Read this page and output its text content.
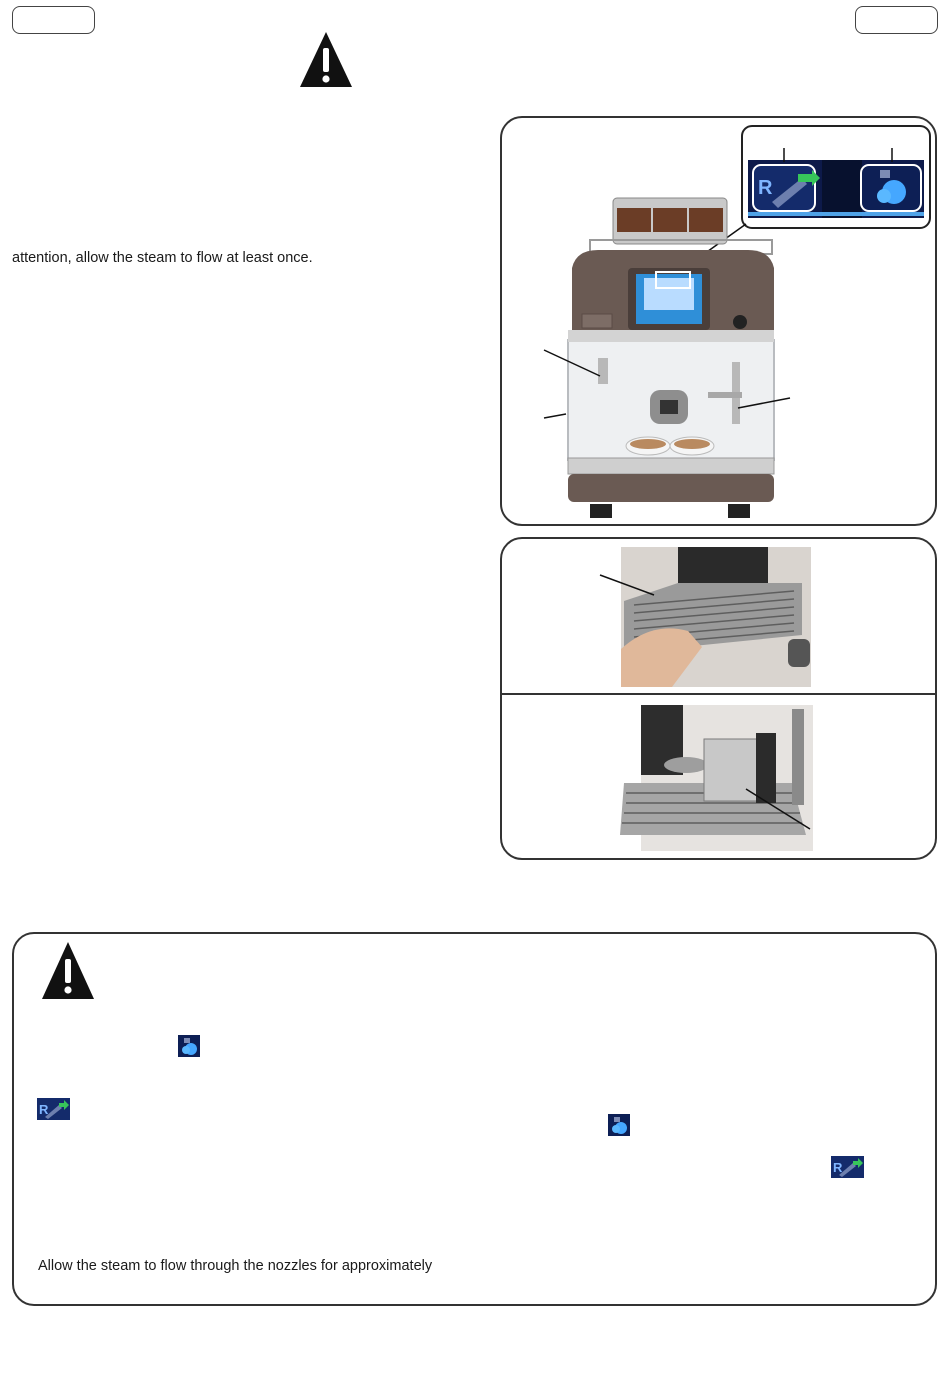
attention, allow the steam to flow at least once.
R
R
R
Allow the steam to flow through the nozzles for approximately
